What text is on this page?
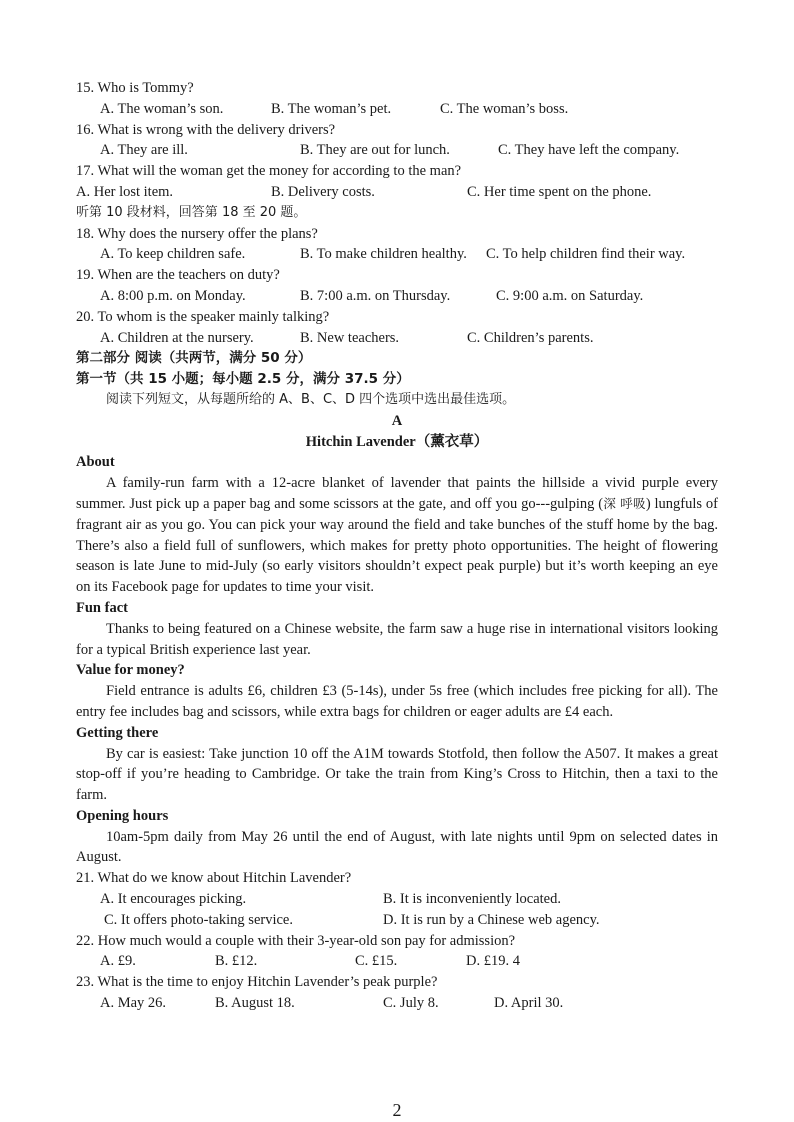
15. Who is Tommy?
A. The woman’s son.	B. The woman’s pet.	C. The woman’s boss.
16. What is wrong with the delivery drivers?
A. They are ill.	B. They are out for lunch.	C. They have left the company.
17. What will the woman get the money for according to the man?
A. Her lost item.	B. Delivery costs.	C. Her time spent on the phone.
听第 10 段材料，回答第 18 至 20 题。
18. Why does the nursery offer the plans?
A. To keep children safe.	B. To make children healthy. C. To help children find their way.
19. When are the teachers on duty?
A. 8:00 p.m. on Monday.	B. 7:00 a.m. on Thursday.	C. 9:00 a.m. on Saturday.
20. To whom is the speaker mainly talking?
A. Children at the nursery.	B. New teachers.	C. Children’s parents.
第二部分 阅读（共两节，满分 50 分）
第一节（共 15 小题；每小题 2.5 分，满分 37.5 分）
阅读下列短文，从每题所给的 A、B、C、D 四个选项中选出最佳选项。
A
Hitchin Lavender（薰衣草）
About

A family-run farm with a 12-acre blanket of lavender that paints the hillside a vivid purple every summer. Just pick up a paper bag and some scissors at the gate, and off you go---gulping (深 呼吸) lungfuls of fragrant air as you go. You can pick your way around the field and take bunches of the stuff home by the bag. There’s also a field full of sunflowers, which makes for pretty photo opportunities. The height of flowering season is late June to mid-July (so early visitors shouldn’t expect peak purple) but it’s worth keeping an eye on its Facebook page for updates to time your visit.

Fun fact

Thanks to being featured on a Chinese website, the farm saw a huge rise in international visitors looking for a typical British experience last year.

Value for money?

Field entrance is adults £6, children £3 (5-14s), under 5s free (which includes free picking for all). The entry fee includes bag and scissors, while extra bags for children or eager adults are £4 each.

Getting there

By car is easiest: Take junction 10 off the A1M towards Stotfold, then follow the A507. It makes a great stop-off if you’re heading to Cambridge. Or take the train from King’s Cross to Hitchin, then a taxi to the farm.

Opening hours

10am-5pm daily from May 26 until the end of August, with late nights until 9pm on selected dates in August.

21. What do we know about Hitchin Lavender?
A. It encourages picking.	B. It is inconveniently located.
C. It offers photo-taking service.	D. It is run by a Chinese web agency.
22. How much would a couple with their 3-year-old son pay for admission?
A. £9.	B. £12.	C. £15.	D. £19. 4
23. What is the time to enjoy Hitchin Lavender’s peak purple?
A. May 26.	B. August 18.	C. July 8.	D. April 30.
2
